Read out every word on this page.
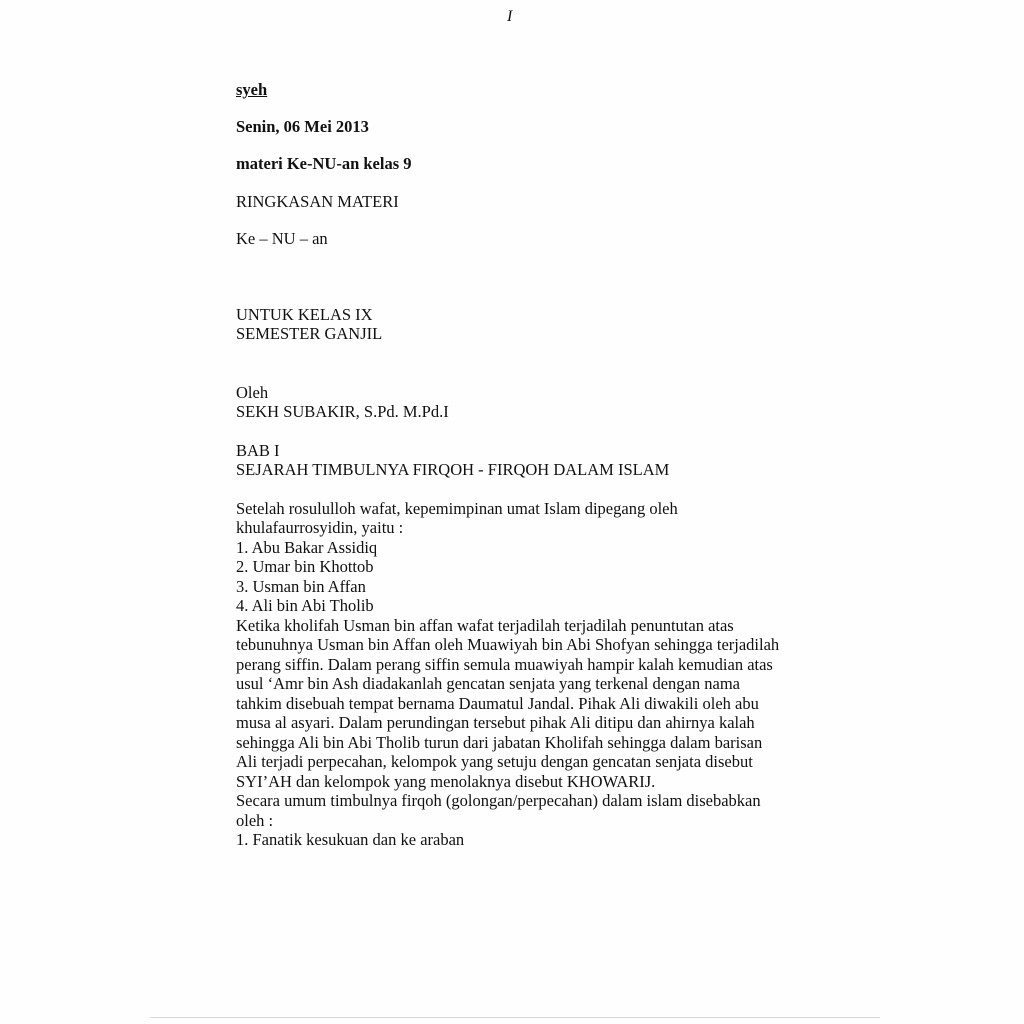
I

syeh

Senin, 06 Mei 2013

materi Ke-NU-an kelas 9

RINGKASAN MATERI

Ke – NU – an

UNTUK KELAS IX

SEMESTER GANJIL

Oleh

SEKH SUBAKIR, S.Pd. M.Pd.I

BAB I

SEJARAH TIMBULNYA FIRQOH - FIRQOH DALAM ISLAM

Setelah rosululloh wafat, kepemimpinan umat Islam dipegang oleh

khulafaurrosyidin, yaitu :

1. Abu Bakar Assidiq
2. Umar bin Khottob
3. Usman bin Affan
4. Ali bin Abi Tholib

Ketika kholifah Usman bin affan wafat terjadilah terjadilah penuntutan atas

tebunuhnya Usman bin Affan oleh Muawiyah bin Abi Shofyan sehingga terjadilah

perang siffin. Dalam perang siffin semula muawiyah hampir kalah kemudian atas

usul ‘Amr bin Ash diadakanlah gencatan senjata yang terkenal dengan nama

tahkim disebuah tempat bernama Daumatul Jandal. Pihak Ali diwakili oleh abu

musa al asyari. Dalam perundingan tersebut pihak Ali ditipu dan ahirnya kalah

sehingga Ali bin Abi Tholib turun dari jabatan Kholifah sehingga dalam barisan

Ali terjadi perpecahan, kelompok yang setuju dengan gencatan senjata disebut

SYI’AH dan kelompok yang menolaknya disebut KHOWARIJ.

Secara umum timbulnya firqoh (golongan/perpecahan) dalam islam disebabkan

oleh :

1. Fanatik kesukuan dan ke araban
